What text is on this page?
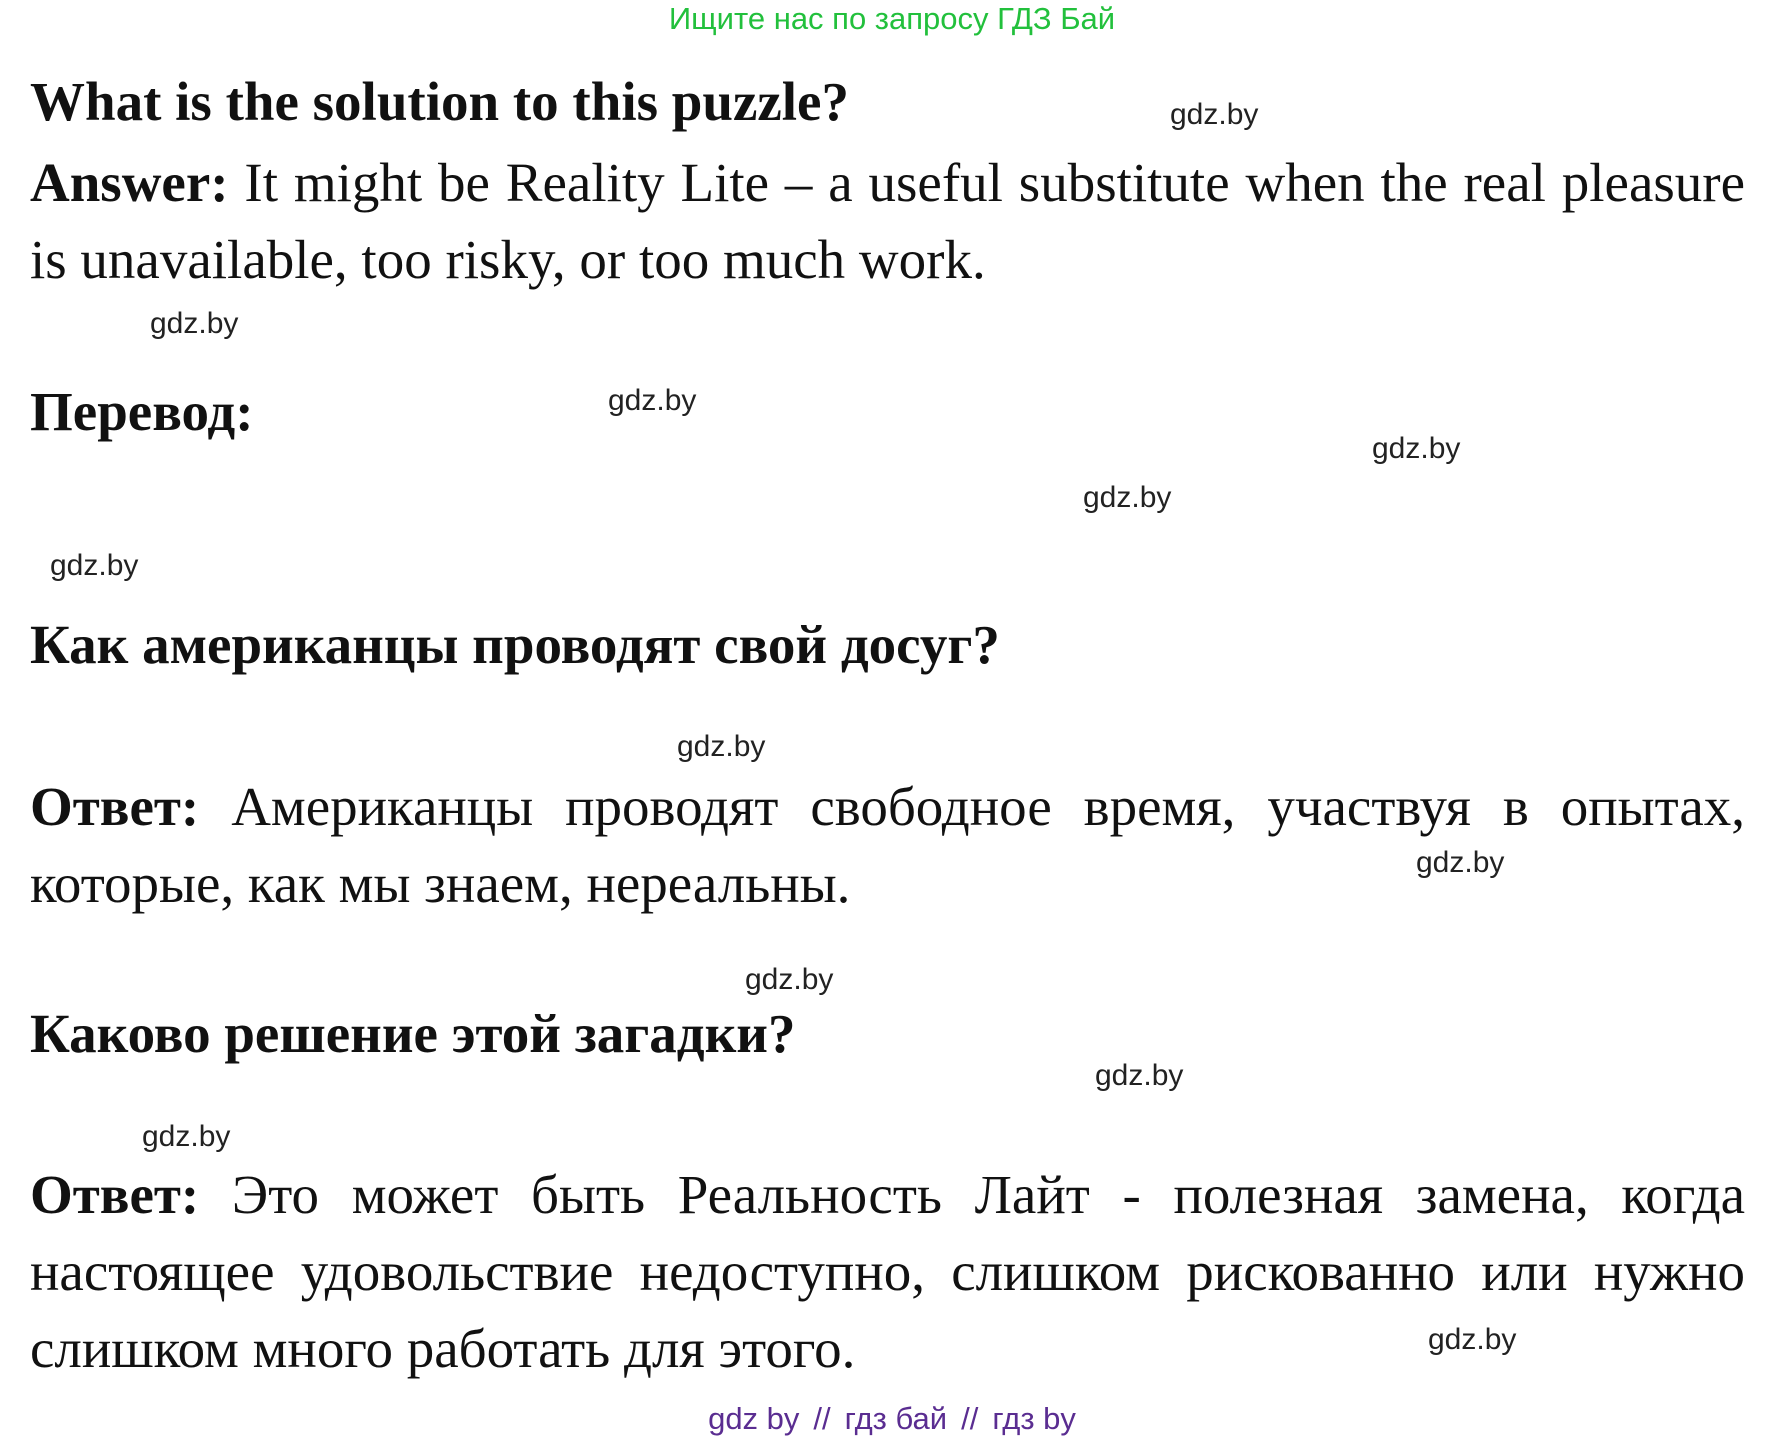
Ищите нас по запросу ГДЗ Бай
What is the solution to this puzzle?
Answer: It might be Reality Lite – a useful substitute when the real pleasure is unavailable, too risky, or too much work.
Перевод:
Как американцы проводят свой досуг?
Ответ: Американцы проводят свободное время, участвуя в опытах, которые, как мы знаем, нереальны.
Каково решение этой загадки?
Ответ: Это может быть Реальность Лайт - полезная замена, когда настоящее удовольствие недоступно, слишком рискованно или нужно слишком много работать для этого.
gdz.by
gdz.by
gdz.by
gdz.by
gdz.by
gdz.by
gdz.by
gdz.by
gdz.by
gdz.by
gdz.by
gdz.by
gdz by // гдз бай // гдз by
